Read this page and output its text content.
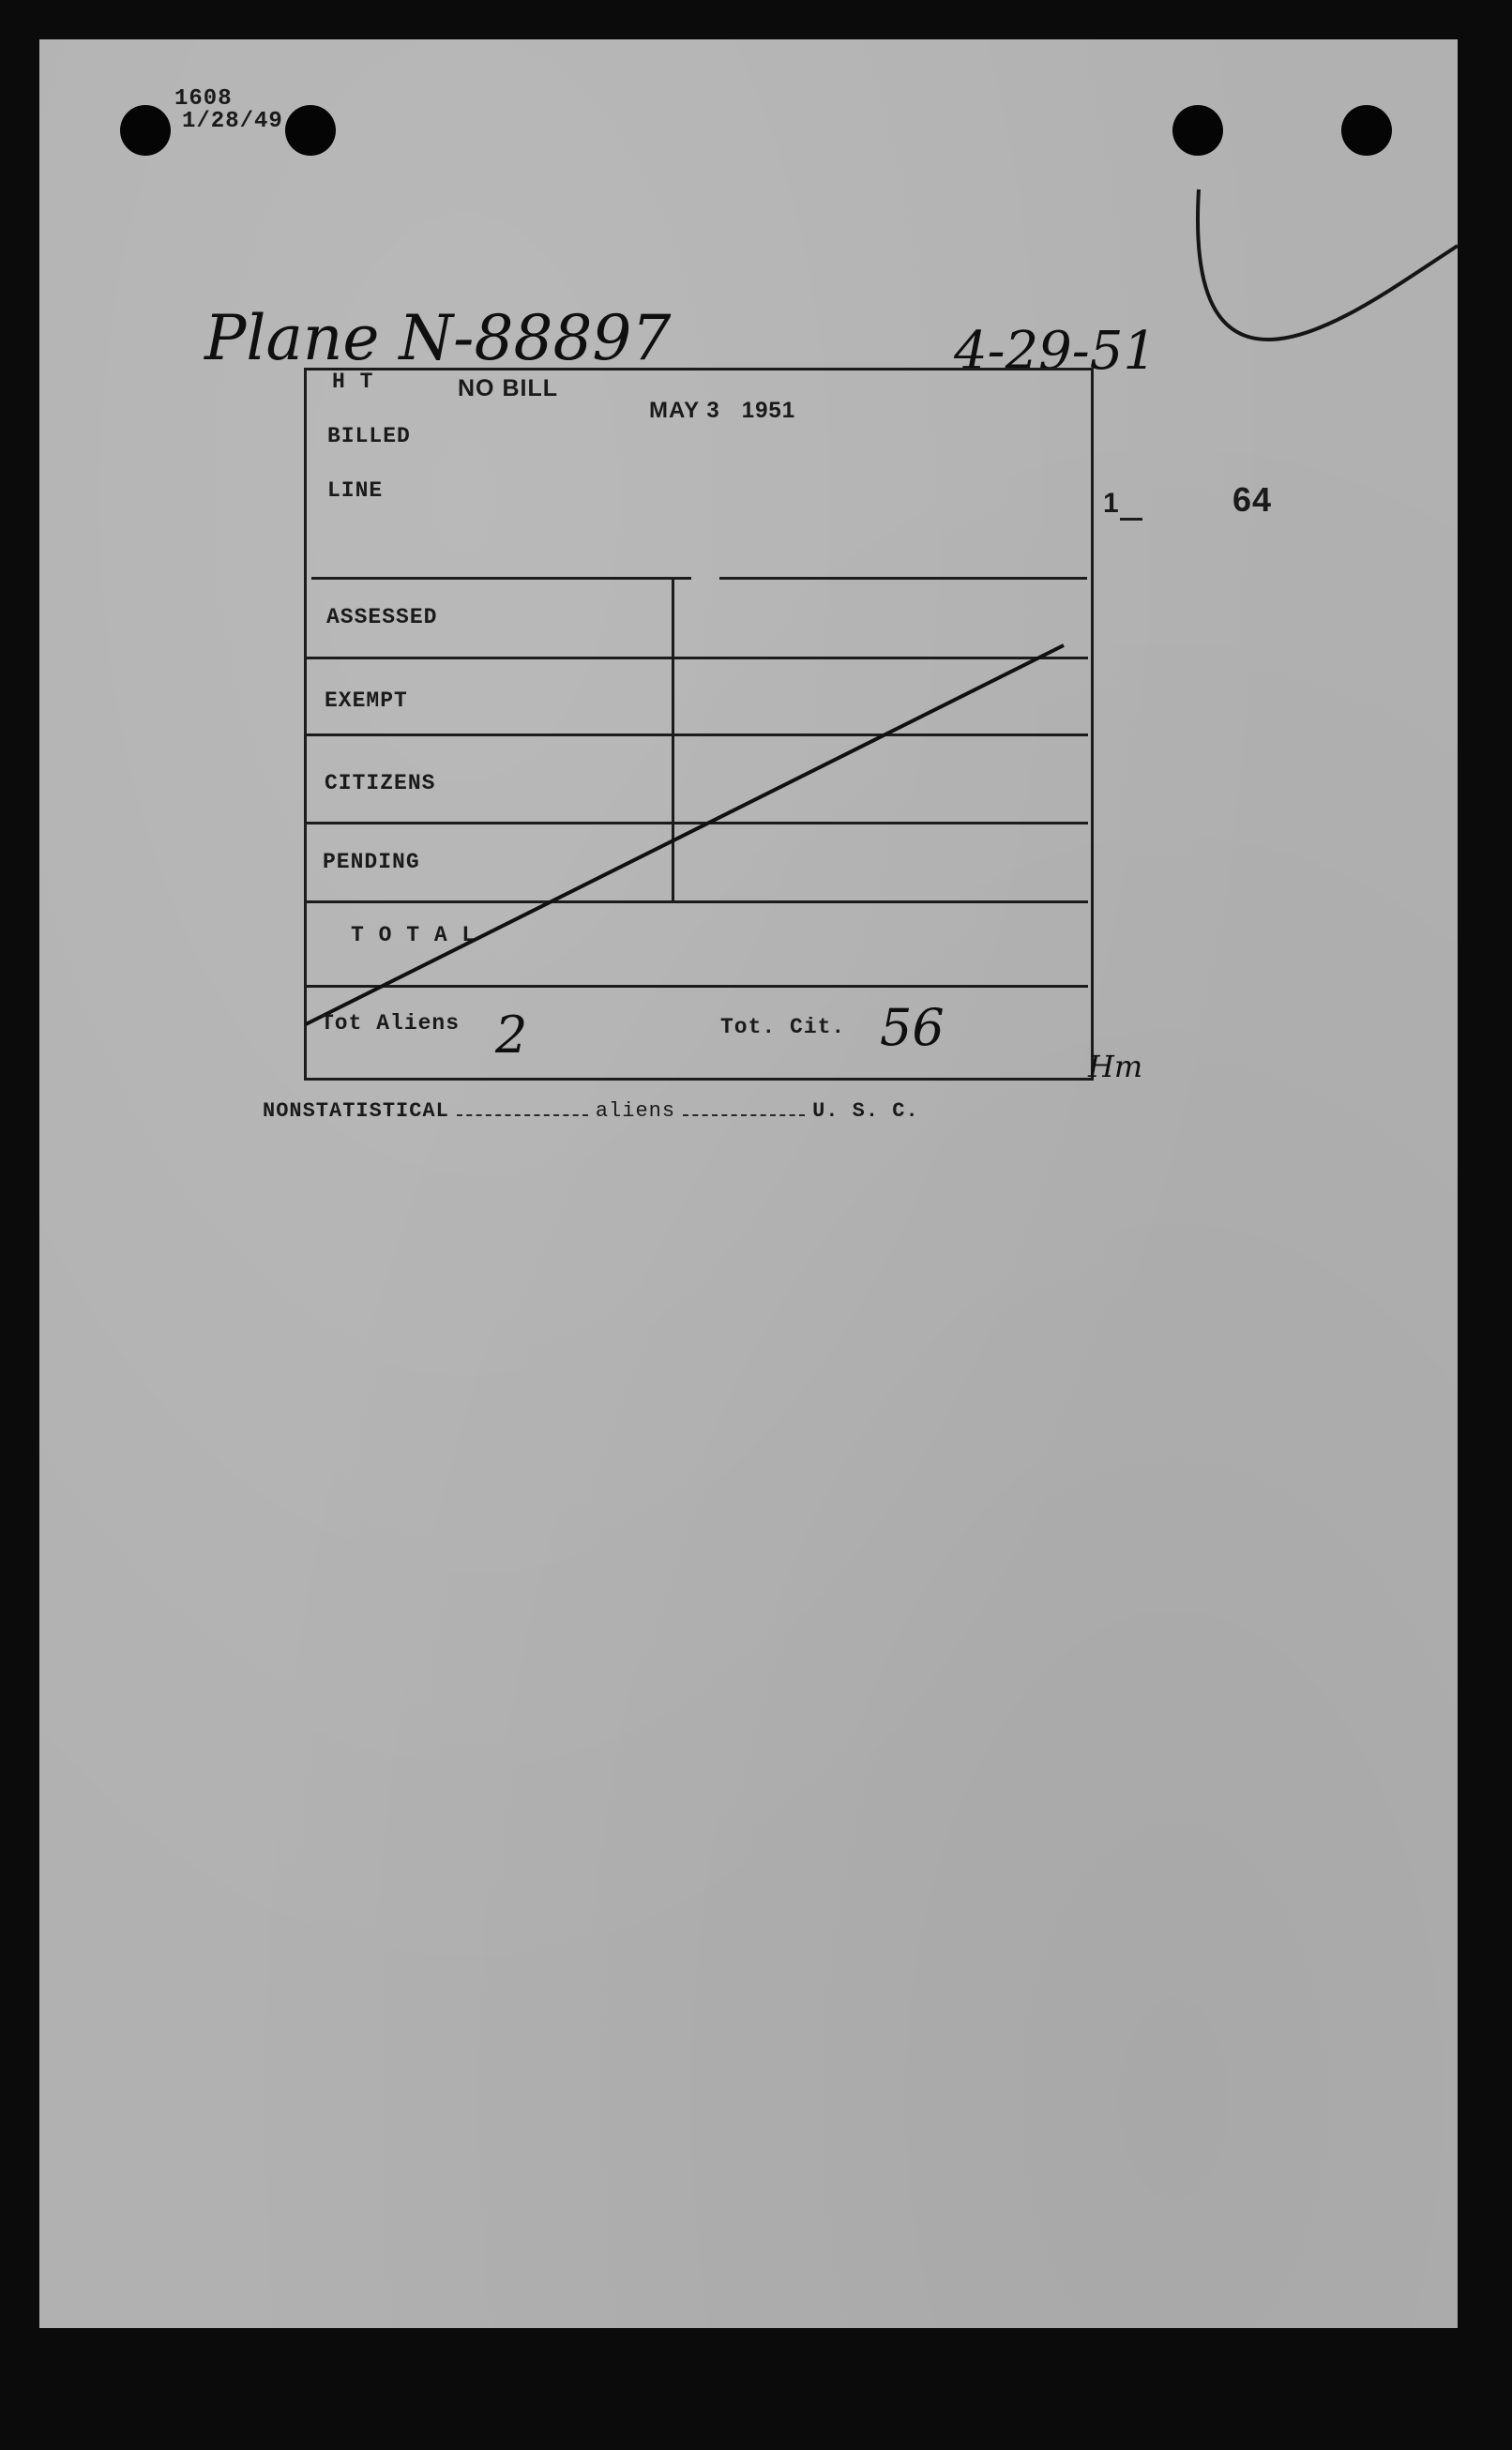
1608
1/28/49
Plane N-88897	4-29-51
H T
BILLED
LINE
NO BILL
MAY 3   1951
ASSESSED
EXEMPT
CITIZENS
PENDING
T O T A L
Tot Aliens 2	Tot. Cit. 56
Hm
1	64
NONSTATISTICAL	aliens	U. S. C.
